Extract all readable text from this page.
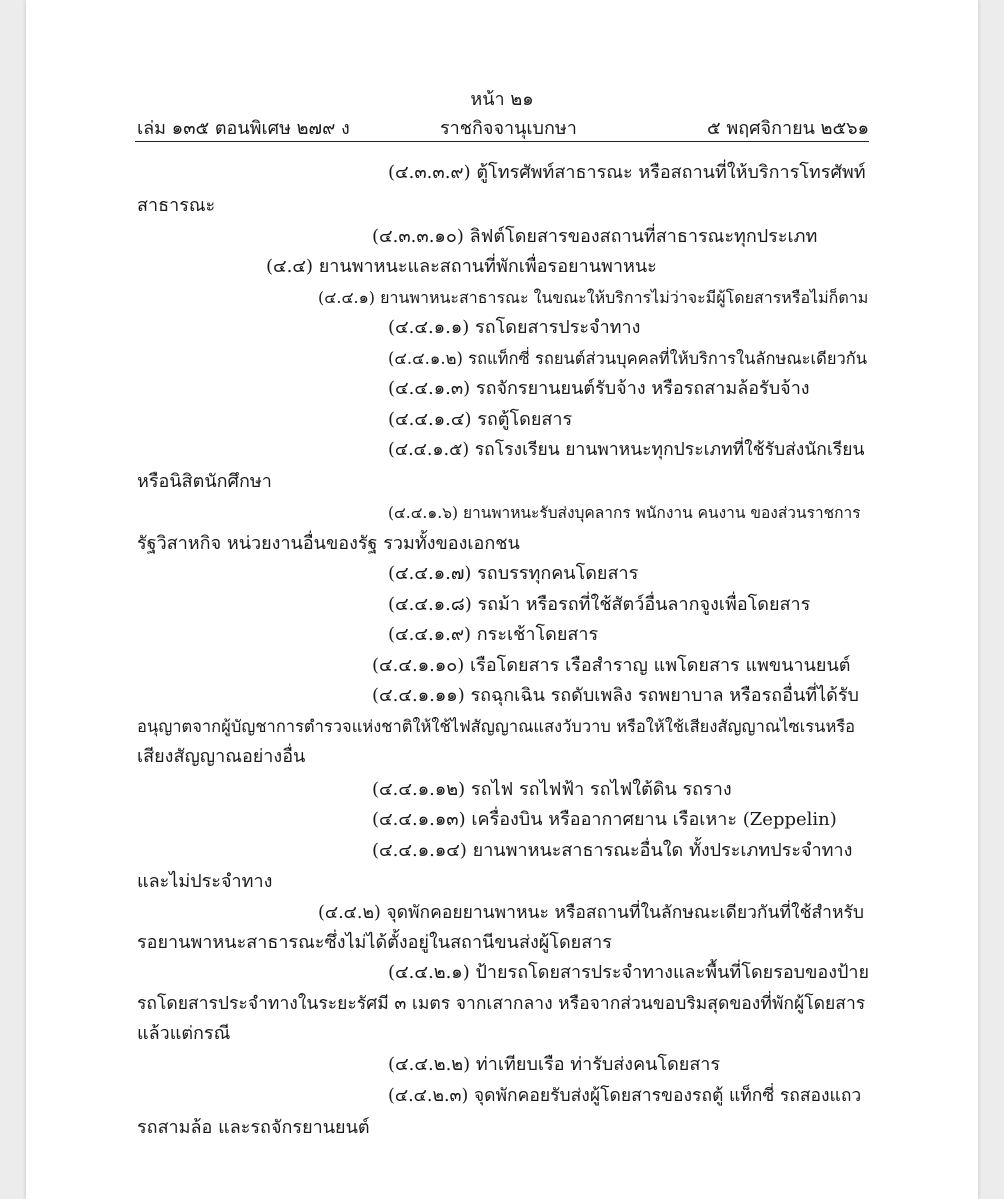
หน้า ๒๑
เล่ม ๑๓๕ ตอนพิเศษ ๒๗๙ ง	ราชกิจจานุเบกษา	๕ พฤศจิกายน ๒๕๖๑
(๔.๓.๓.๙) ตู้โทรศัพท์สาธารณะ หรือสถานที่ให้บริการโทรศัพท์
สาธารณะ
(๔.๓.๓.๑๐) ลิฟต์โดยสารของสถานที่สาธารณะทุกประเภท
(๔.๔) ยานพาหนะและสถานที่พักเพื่อรอยานพาหนะ
(๔.๔.๑) ยานพาหนะสาธารณะ ในขณะให้บริการไม่ว่าจะมีผู้โดยสารหรือไม่ก็ตาม
(๔.๔.๑.๑) รถโดยสารประจำทาง
(๔.๔.๑.๒) รถแท็กซี่ รถยนต์ส่วนบุคคลที่ให้บริการในลักษณะเดียวกัน
(๔.๔.๑.๓) รถจักรยานยนต์รับจ้าง หรือรถสามล้อรับจ้าง
(๔.๔.๑.๔) รถตู้โดยสาร
(๔.๔.๑.๕) รถโรงเรียน ยานพาหนะทุกประเภทที่ใช้รับส่งนักเรียน
หรือนิสิตนักศึกษา
(๔.๔.๑.๖) ยานพาหนะรับส่งบุคลากร พนักงาน คนงาน ของส่วนราชการ
รัฐวิสาหกิจ หน่วยงานอื่นของรัฐ รวมทั้งของเอกชน
(๔.๔.๑.๗) รถบรรทุกคนโดยสาร
(๔.๔.๑.๘) รถม้า หรือรถที่ใช้สัตว์อื่นลากจูงเพื่อโดยสาร
(๔.๔.๑.๙) กระเช้าโดยสาร
(๔.๔.๑.๑๐) เรือโดยสาร เรือสำราญ แพโดยสาร แพขนานยนต์
(๔.๔.๑.๑๑) รถฉุกเฉิน รถดับเพลิง รถพยาบาล หรือรถอื่นที่ได้รับ
อนุญาตจากผู้บัญชาการตำรวจแห่งชาติให้ใช้ไฟสัญญาณแสงวับวาบ หรือให้ใช้เสียงสัญญาณไซเรนหรือ
เสียงสัญญาณอย่างอื่น
(๔.๔.๑.๑๒) รถไฟ รถไฟฟ้า รถไฟใต้ดิน รถราง
(๔.๔.๑.๑๓) เครื่องบิน หรืออากาศยาน เรือเหาะ (Zeppelin)
(๔.๔.๑.๑๔) ยานพาหนะสาธารณะอื่นใด ทั้งประเภทประจำทาง
และไม่ประจำทาง
(๔.๔.๒) จุดพักคอยยานพาหนะ หรือสถานที่ในลักษณะเดียวกันที่ใช้สำหรับ
รอยานพาหนะสาธารณะซึ่งไม่ได้ตั้งอยู่ในสถานีขนส่งผู้โดยสาร
(๔.๔.๒.๑) ป้ายรถโดยสารประจำทางและพื้นที่โดยรอบของป้าย
รถโดยสารประจำทางในระยะรัศมี ๓ เมตร จากเสากลาง หรือจากส่วนขอบริมสุดของที่พักผู้โดยสาร
แล้วแต่กรณี
(๔.๔.๒.๒) ท่าเทียบเรือ ท่ารับส่งคนโดยสาร
(๔.๔.๒.๓) จุดพักคอยรับส่งผู้โดยสารของรถตู้ แท็กซี่ รถสองแถว
รถสามล้อ และรถจักรยานยนต์
